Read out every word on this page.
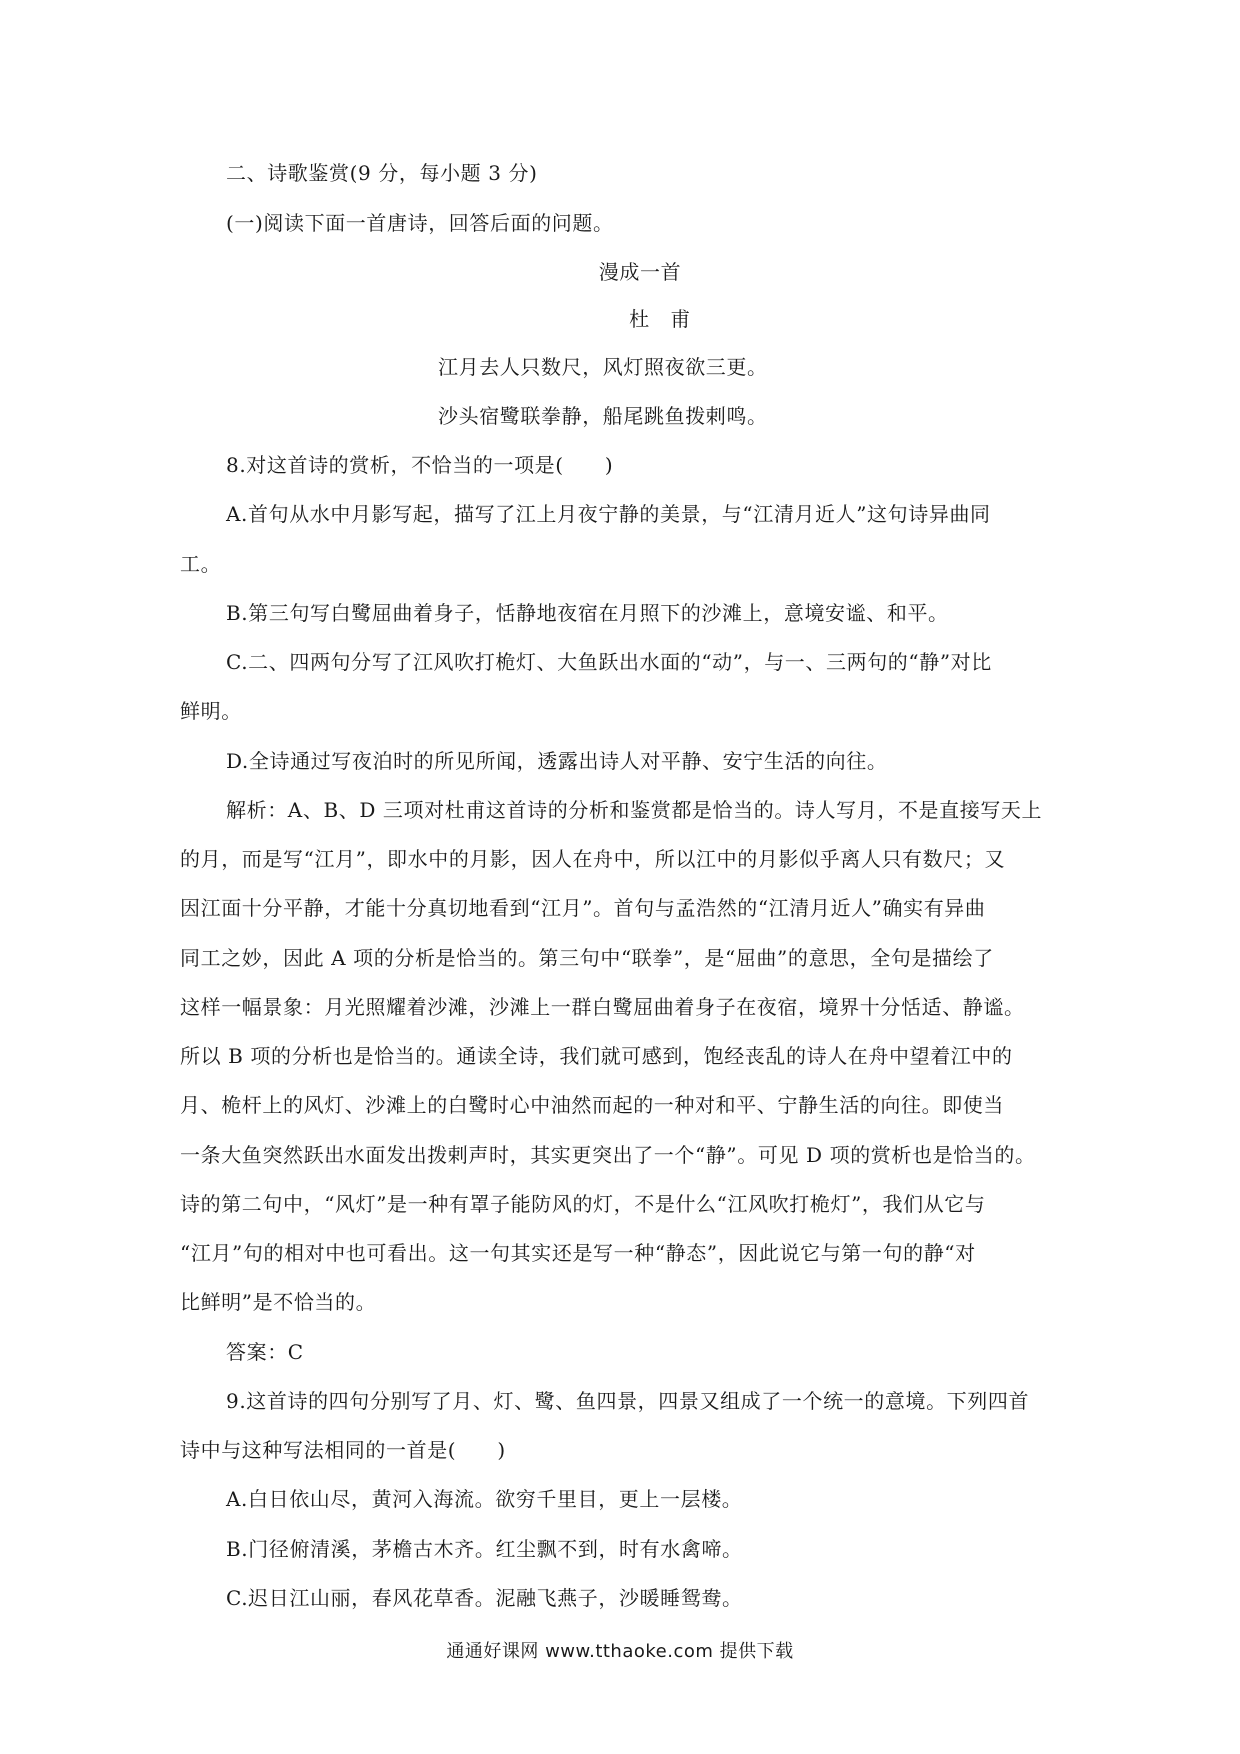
二、诗歌鉴赏(9 分，每小题 3 分)
(一)阅读下面一首唐诗，回答后面的问题。
漫成一首
杜　甫
江月去人只数尺，风灯照夜欲三更。
沙头宿鹭联拳静，船尾跳鱼拨剌鸣。
8.对这首诗的赏析，不恰当的一项是(　　)
A.首句从水中月影写起，描写了江上月夜宁静的美景，与“江清月近人”这句诗异曲同
工。
B.第三句写白鹭屈曲着身子，恬静地夜宿在月照下的沙滩上，意境安谧、和平。
C.二、四两句分写了江风吹打桅灯、大鱼跃出水面的“动”，与一、三两句的“静”对比
鲜明。
D.全诗通过写夜泊时的所见所闻，透露出诗人对平静、安宁生活的向往。
解析：A、B、D 三项对杜甫这首诗的分析和鉴赏都是恰当的。诗人写月，不是直接写天上
的月，而是写“江月”，即水中的月影，因人在舟中，所以江中的月影似乎离人只有数尺；又
因江面十分平静，才能十分真切地看到“江月”。首句与孟浩然的“江清月近人”确实有异曲
同工之妙，因此 A 项的分析是恰当的。第三句中“联拳”，是“屈曲”的意思，全句是描绘了
这样一幅景象：月光照耀着沙滩，沙滩上一群白鹭屈曲着身子在夜宿，境界十分恬适、静谧。
所以 B 项的分析也是恰当的。通读全诗，我们就可感到，饱经丧乱的诗人在舟中望着江中的
月、桅杆上的风灯、沙滩上的白鹭时心中油然而起的一种对和平、宁静生活的向往。即使当
一条大鱼突然跃出水面发出拨剌声时，其实更突出了一个“静”。可见 D 项的赏析也是恰当的。
诗的第二句中，“风灯”是一种有罩子能防风的灯，不是什么“江风吹打桅灯”，我们从它与
“江月”句的相对中也可看出。这一句其实还是写一种“静态”，因此说它与第一句的静“对
比鲜明”是不恰当的。
答案：C
9.这首诗的四句分别写了月、灯、鹭、鱼四景，四景又组成了一个统一的意境。下列四首
诗中与这种写法相同的一首是(　　)
A.白日依山尽，黄河入海流。欲穷千里目，更上一层楼。
B.门径俯清溪，茅檐古木齐。红尘飘不到，时有水禽啼。
C.迟日江山丽，春风花草香。泥融飞燕子，沙暖睡鸳鸯。
通通好课网 www.tthaoke.com 提供下载
